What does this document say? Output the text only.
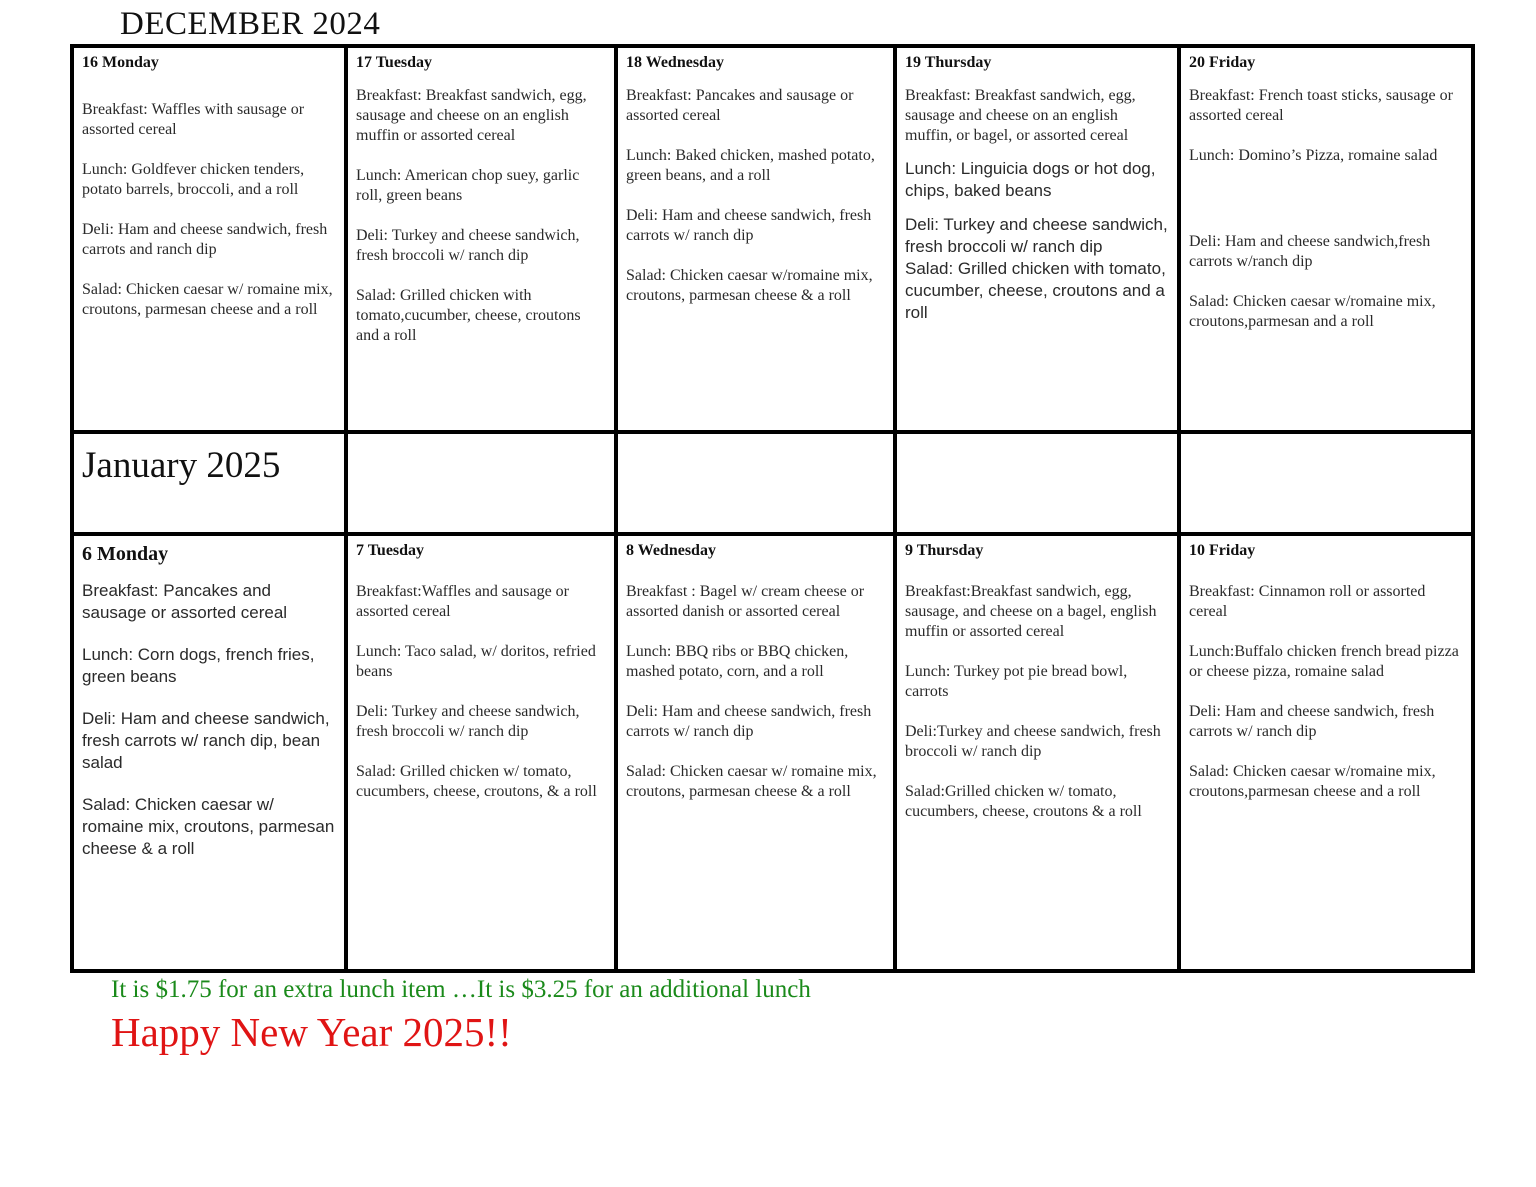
DECEMBER 2024
16 Monday
Breakfast: Waffles with sausage or assorted cereal
Lunch: Goldfever chicken tenders, potato barrels, broccoli, and a roll
Deli: Ham and cheese sandwich, fresh carrots and ranch dip
Salad: Chicken caesar w/ romaine mix, croutons, parmesan cheese and a roll
17 Tuesday
Breakfast: Breakfast sandwich, egg, sausage and cheese on an english muffin or assorted cereal
Lunch: American chop suey, garlic roll, green beans
Deli: Turkey and cheese sandwich, fresh broccoli w/ ranch dip
Salad: Grilled chicken with tomato,cucumber, cheese, croutons and a roll
18 Wednesday
Breakfast: Pancakes and sausage or assorted cereal
Lunch: Baked chicken, mashed potato, green beans, and a roll
Deli: Ham and cheese sandwich, fresh carrots w/ ranch dip
Salad: Chicken caesar w/romaine mix, croutons, parmesan cheese & a roll
19 Thursday
Breakfast: Breakfast sandwich, egg, sausage and cheese on an english muffin, or bagel, or assorted cereal
Lunch: Linguicia dogs or hot dog, chips, baked beans
Deli: Turkey and cheese sandwich, fresh broccoli w/ ranch dip
Salad: Grilled chicken with tomato, cucumber, cheese, croutons and a roll
20 Friday
Breakfast: French toast sticks, sausage or assorted cereal
Lunch: Domino’s Pizza, romaine salad
Deli: Ham and cheese sandwich,fresh carrots w/ranch dip
Salad: Chicken caesar w/romaine mix, croutons,parmesan and a roll
January 2025
6 Monday
Breakfast: Pancakes and sausage or assorted cereal
Lunch: Corn dogs, french fries, green beans
Deli: Ham and cheese sandwich, fresh carrots w/ ranch dip, bean salad
Salad: Chicken caesar w/ romaine mix, croutons, parmesan cheese & a roll
7 Tuesday
Breakfast:Waffles and sausage or assorted cereal
Lunch: Taco salad, w/ doritos, refried beans
Deli: Turkey and cheese sandwich, fresh broccoli w/ ranch dip
Salad: Grilled chicken w/ tomato, cucumbers, cheese, croutons, & a roll
8 Wednesday
Breakfast : Bagel w/ cream cheese or assorted danish or assorted cereal
Lunch: BBQ ribs or BBQ chicken, mashed potato, corn, and a roll
Deli: Ham and cheese sandwich, fresh carrots w/ ranch dip
Salad: Chicken caesar w/ romaine mix, croutons, parmesan cheese & a roll
9 Thursday
Breakfast:Breakfast sandwich, egg, sausage, and cheese on a bagel, english muffin or assorted cereal
Lunch: Turkey pot pie bread bowl, carrots
Deli:Turkey and cheese sandwich, fresh broccoli w/ ranch dip
Salad:Grilled chicken w/ tomato, cucumbers, cheese, croutons & a roll
10 Friday
Breakfast: Cinnamon roll or assorted cereal
Lunch:Buffalo chicken french bread pizza or cheese pizza, romaine salad
Deli: Ham and cheese sandwich, fresh carrots w/ ranch dip
Salad: Chicken caesar w/romaine mix, croutons,parmesan cheese and a roll
It is $1.75 for an extra lunch item …It is $3.25 for an additional lunch
Happy New Year 2025!!
